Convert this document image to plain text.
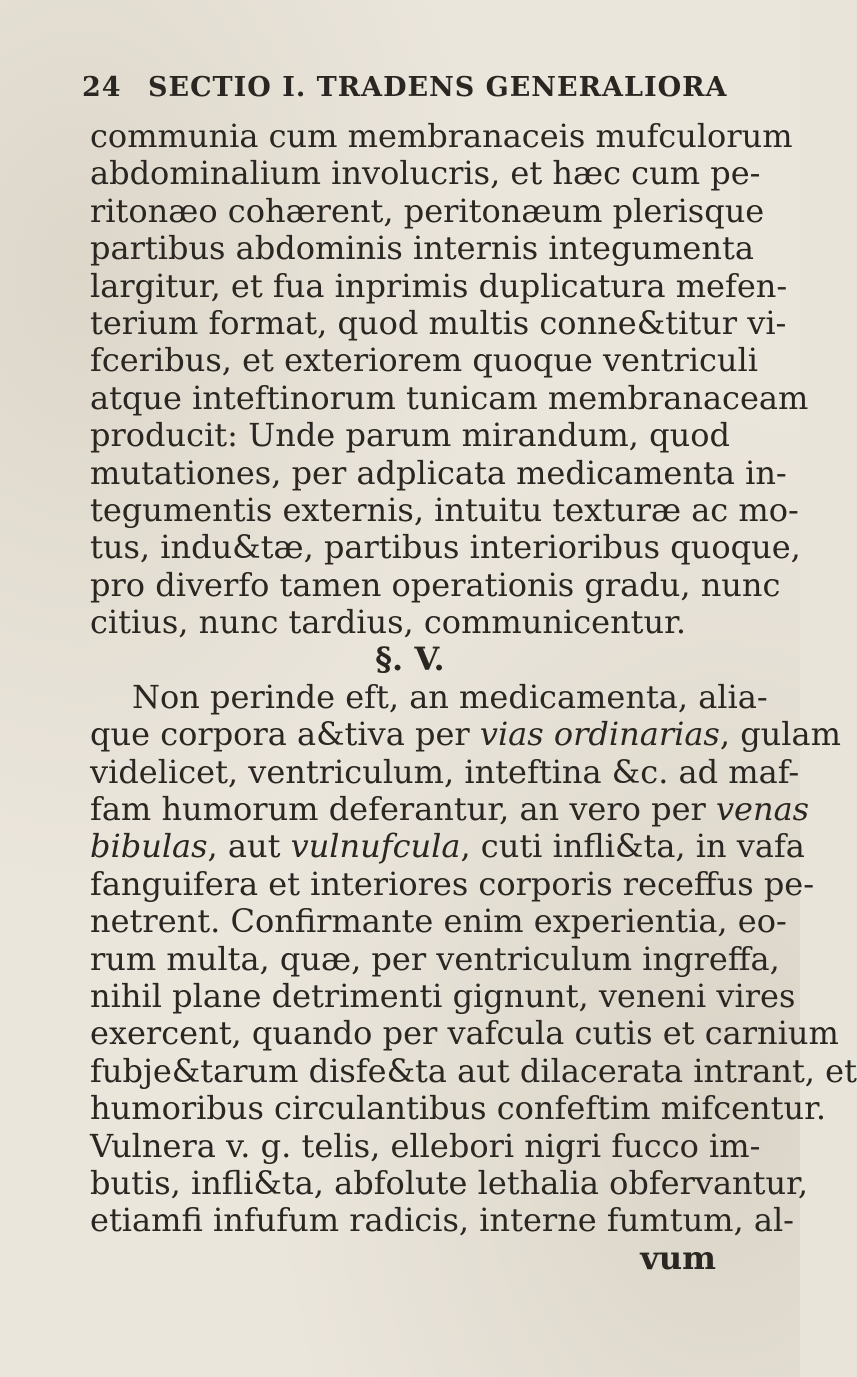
24 SECTIO I. TRADENS GENERALIORA
communia cum membranaceis mufculorum
abdominalium involucris, et hæc cum pe-
ritonæo cohærent, peritonæum plerisque
partibus abdominis internis integumenta
largitur, et fua inprimis duplicatura mefen-
terium format, quod multis conne&titur vi-
fceribus, et exteriorem quoque ventriculi
atque inteftinorum tunicam membranaceam
producit: Unde parum mirandum, quod
mutationes, per adplicata medicamenta in-
tegumentis externis, intuitu texturæ ac mo-
tus, indu&tæ, partibus interioribus quoque,
pro diverfo tamen operationis gradu, nunc
citius, nunc tardius, communicentur.
§. V.
Non perinde eft, an medicamenta, alia-
que corpora a&tiva per vias ordinarias, gulam
videlicet, ventriculum, inteftina &c. ad maf-
fam humorum deferantur, an vero per venas
bibulas, aut vulnufcula, cuti infli&ta, in vafa
fanguifera et interiores corporis receffus pe-
netrent. Confirmante enim experientia, eo-
rum multa, quæ, per ventriculum ingreffa,
nihil plane detrimenti gignunt, veneni vires
exercent, quando per vafcula cutis et carnium
fubje&tarum disfe&ta aut dilacerata intrant, et
humoribus circulantibus confeftim mifcentur.
Vulnera v. g. telis, ellebori nigri fucco im-
butis, infli&ta, abfolute lethalia obfervantur,
etiamfi infufum radicis, interne fumtum, al-
vum
